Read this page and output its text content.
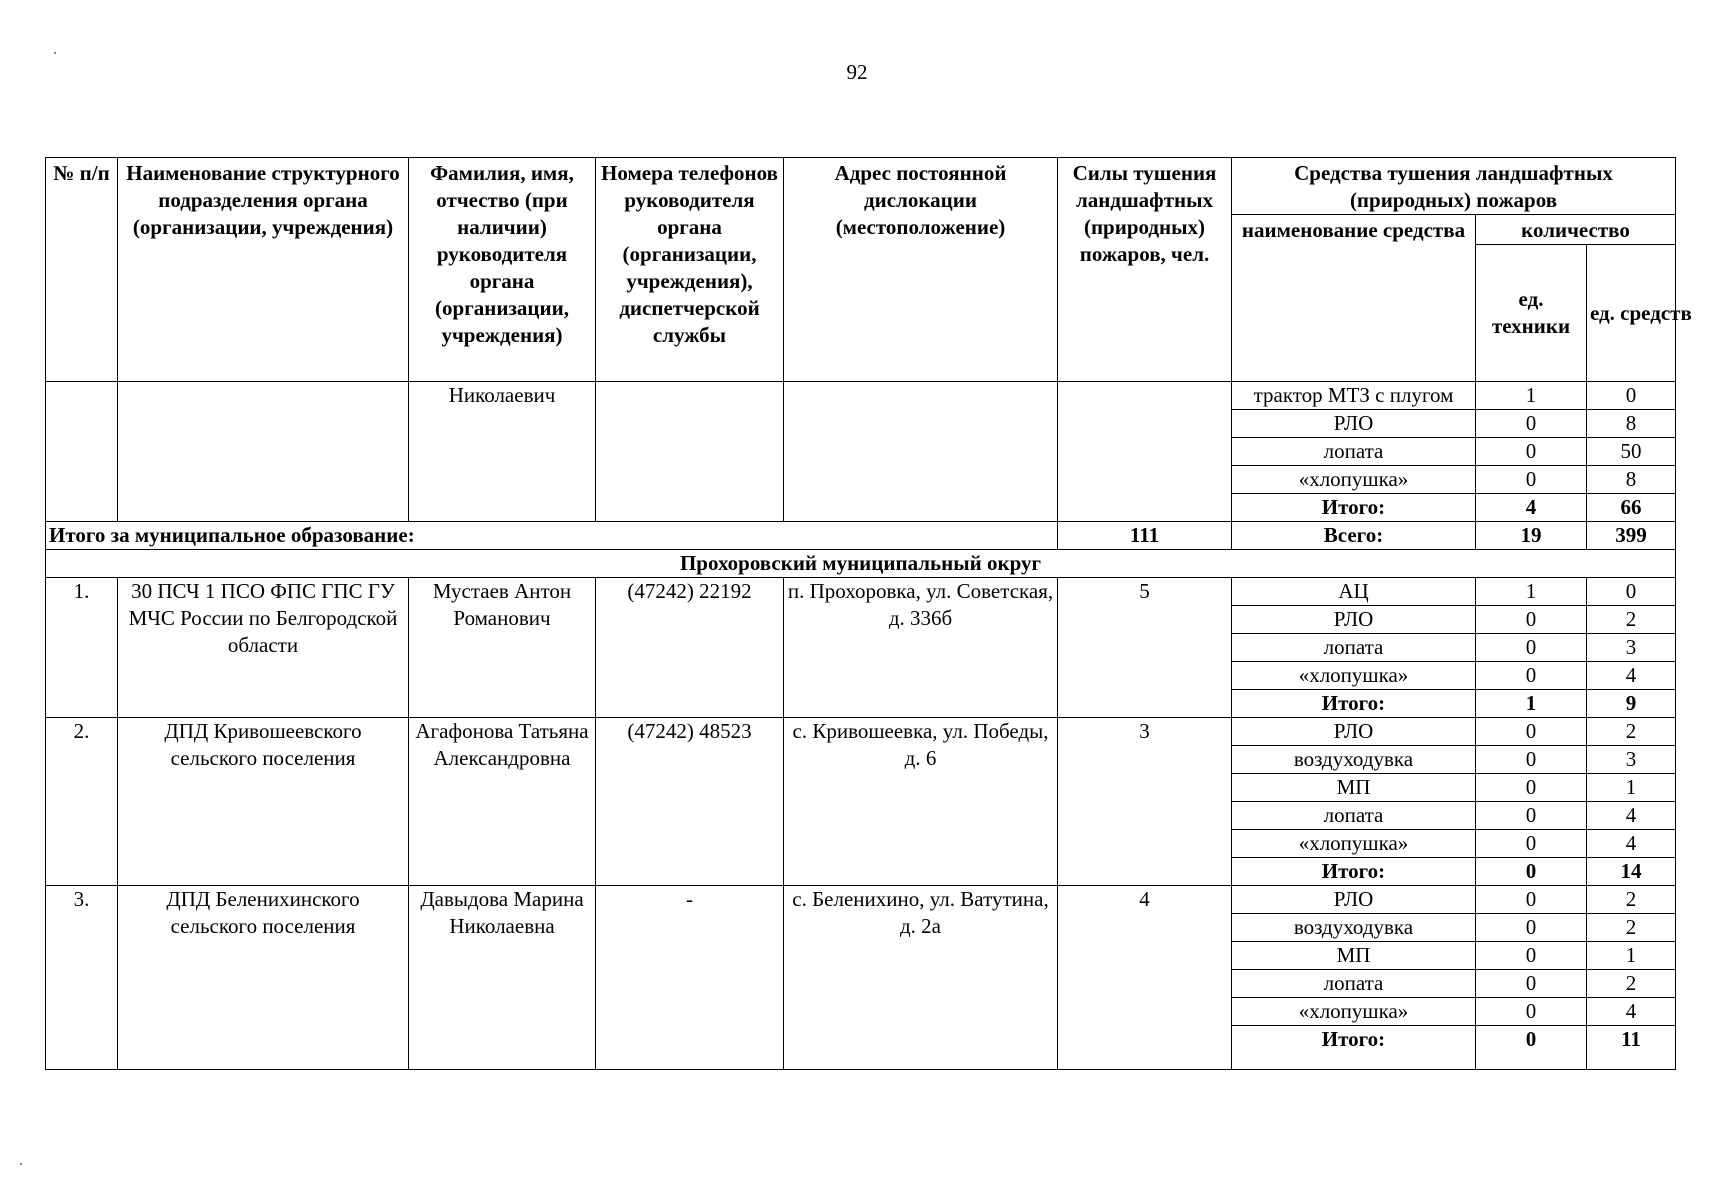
92
№ п/п	Наименование структурного подразделения органа (организации, учреждения)	Фамилия, имя, отчество (при наличии) руководителя органа (организации, учреждения)	Номера телефонов руководителя органа (организации, учреждения), диспетчерской службы	Адрес постоянной дислокации (местоположение)	Силы тушения ландшафтных (природных) пожаров, чел.	Средства тушения ландшафтных (природных) пожаров		
						наименование средства	количество	
							ед. техники	ед. средств
		Николаевич				трактор МТЗ с плугом	1	0
						РЛО	0	8
						лопата	0	50
						«хлопушка»	0	8
						Итого:	4	66
Итого за муниципальное образование:					111	Всего:	19	399
Прохоровский муниципальный округ								
1.	30 ПСЧ 1 ПСО ФПС ГПС ГУ МЧС России по Белгородской области	Мустаев Антон Романович	(47242) 22192	п. Прохоровка, ул. Советская, д. 336б	5	АЦ	1	0
						РЛО	0	2
						лопата	0	3
						«хлопушка»	0	4
						Итого:	1	9
2.	ДПД Кривошеевского сельского поселения	Агафонова Татьяна Александровна	(47242) 48523	с. Кривошеевка, ул. Победы, д. 6	3	РЛО	0	2
						воздуходувка	0	3
						МП	0	1
						лопата	0	4
						«хлопушка»	0	4
						Итого:	0	14
3.	ДПД Беленихинского сельского поселения	Давыдова Марина Николаевна	-	с. Беленихино, ул. Ватутина, д. 2а	4	РЛО	0	2
						воздуходувка	0	2
						МП	0	1
						лопата	0	2
						«хлопушка»	0	4
						Итого:	0	11
